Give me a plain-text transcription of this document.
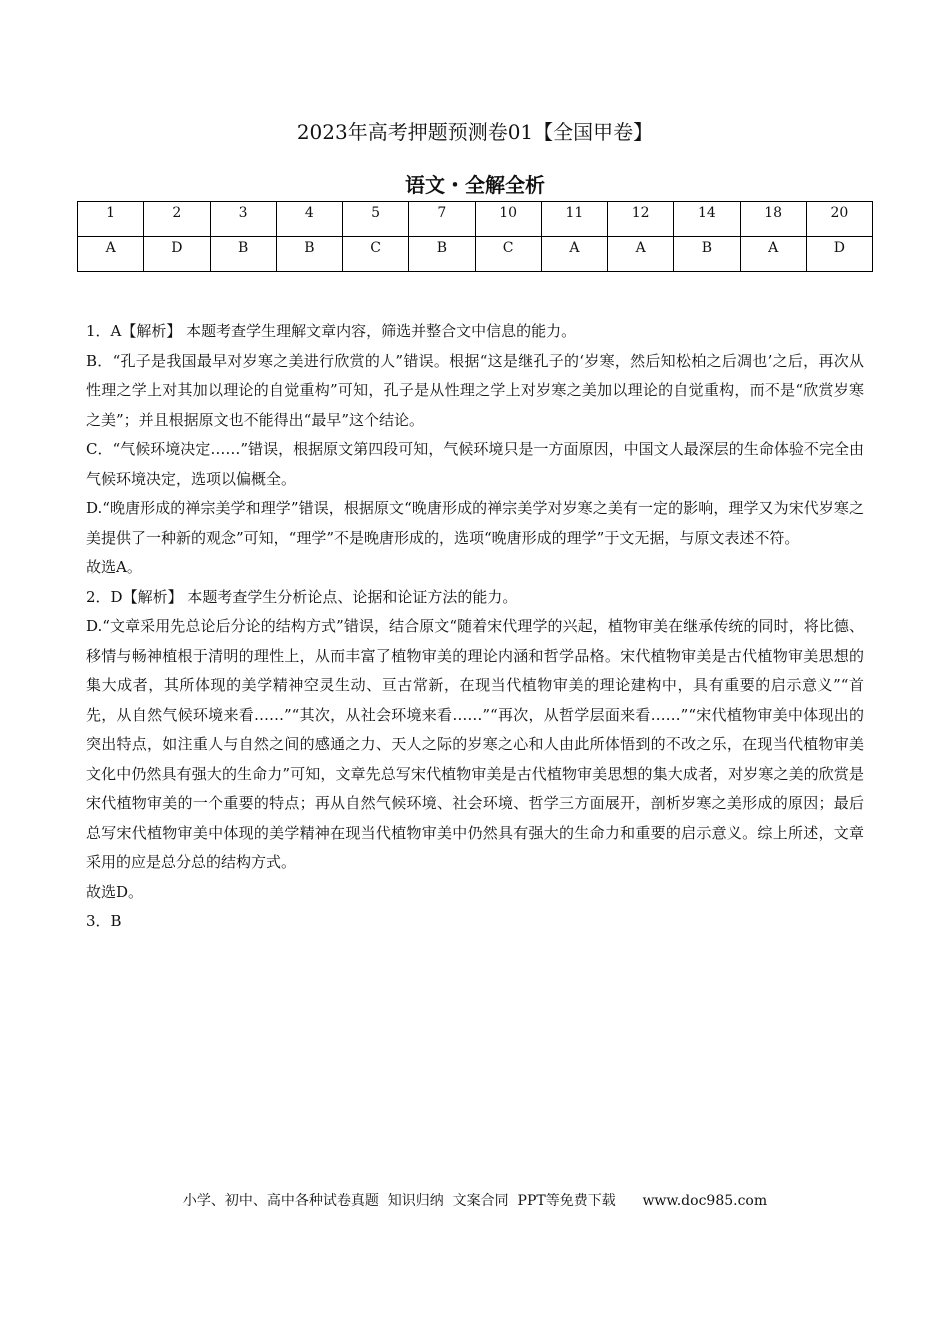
2023年高考押题预测卷01【全国甲卷】
语文・全解全析
1	2	3	4	5	7	10	11	12	14	18	20
A	D	B	B	C	B	C	A	A	B	A	D

1．A【解析】 本题考查学生理解文章内容，筛选并整合文中信息的能力。

B．“孔子是我国最早对岁寒之美进行欣赏的人”错误。根据“这是继孔子的‘岁寒，然后知松柏之后凋也’之后，再次从性理之学上对其加以理论的自觉重构”可知，孔子是从性理之学上对岁寒之美加以理论的自觉重构，而不是“欣赏岁寒之美”；并且根据原文也不能得出“最早”这个结论。

C．“气候环境决定……”错误，根据原文第四段可知，气候环境只是一方面原因，中国文人最深层的生命体验不完全由气候环境决定，选项以偏概全。

D.“晚唐形成的禅宗美学和理学”错误，根据原文“晚唐形成的禅宗美学对岁寒之美有一定的影响，理学又为宋代岁寒之美提供了一种新的观念”可知，“理学”不是晚唐形成的，选项“晚唐形成的理学”于文无据，与原文表述不符。

故选A。

2．D【解析】 本题考查学生分析论点、论据和论证方法的能力。

D.“文章采用先总论后分论的结构方式”错误，结合原文“随着宋代理学的兴起，植物审美在继承传统的同时，将比德、移情与畅神植根于清明的理性上，从而丰富了植物审美的理论内涵和哲学品格。宋代植物审美是古代植物审美思想的集大成者，其所体现的美学精神空灵生动、亘古常新，在现当代植物审美的理论建构中，具有重要的启示意义”“首先，从自然气候环境来看……”“其次，从社会环境来看……”“再次，从哲学层面来看……”“宋代植物审美中体现出的突出特点，如注重人与自然之间的感通之力、天人之际的岁寒之心和人由此所体悟到的不改之乐，在现当代植物审美文化中仍然具有强大的生命力”可知，文章先总写宋代植物审美是古代植物审美思想的集大成者，对岁寒之美的欣赏是宋代植物审美的一个重要的特点；再从自然气候环境、社会环境、哲学三方面展开，剖析岁寒之美形成的原因；最后总写宋代植物审美中体现的美学精神在现当代植物审美中仍然具有强大的生命力和重要的启示意义。综上所述，文章采用的应是总分总的结构方式。

故选D。

3．B

小学、初中、高中各种试卷真题  知识归纳  文案合同  PPT等免费下载      www.doc985.com
